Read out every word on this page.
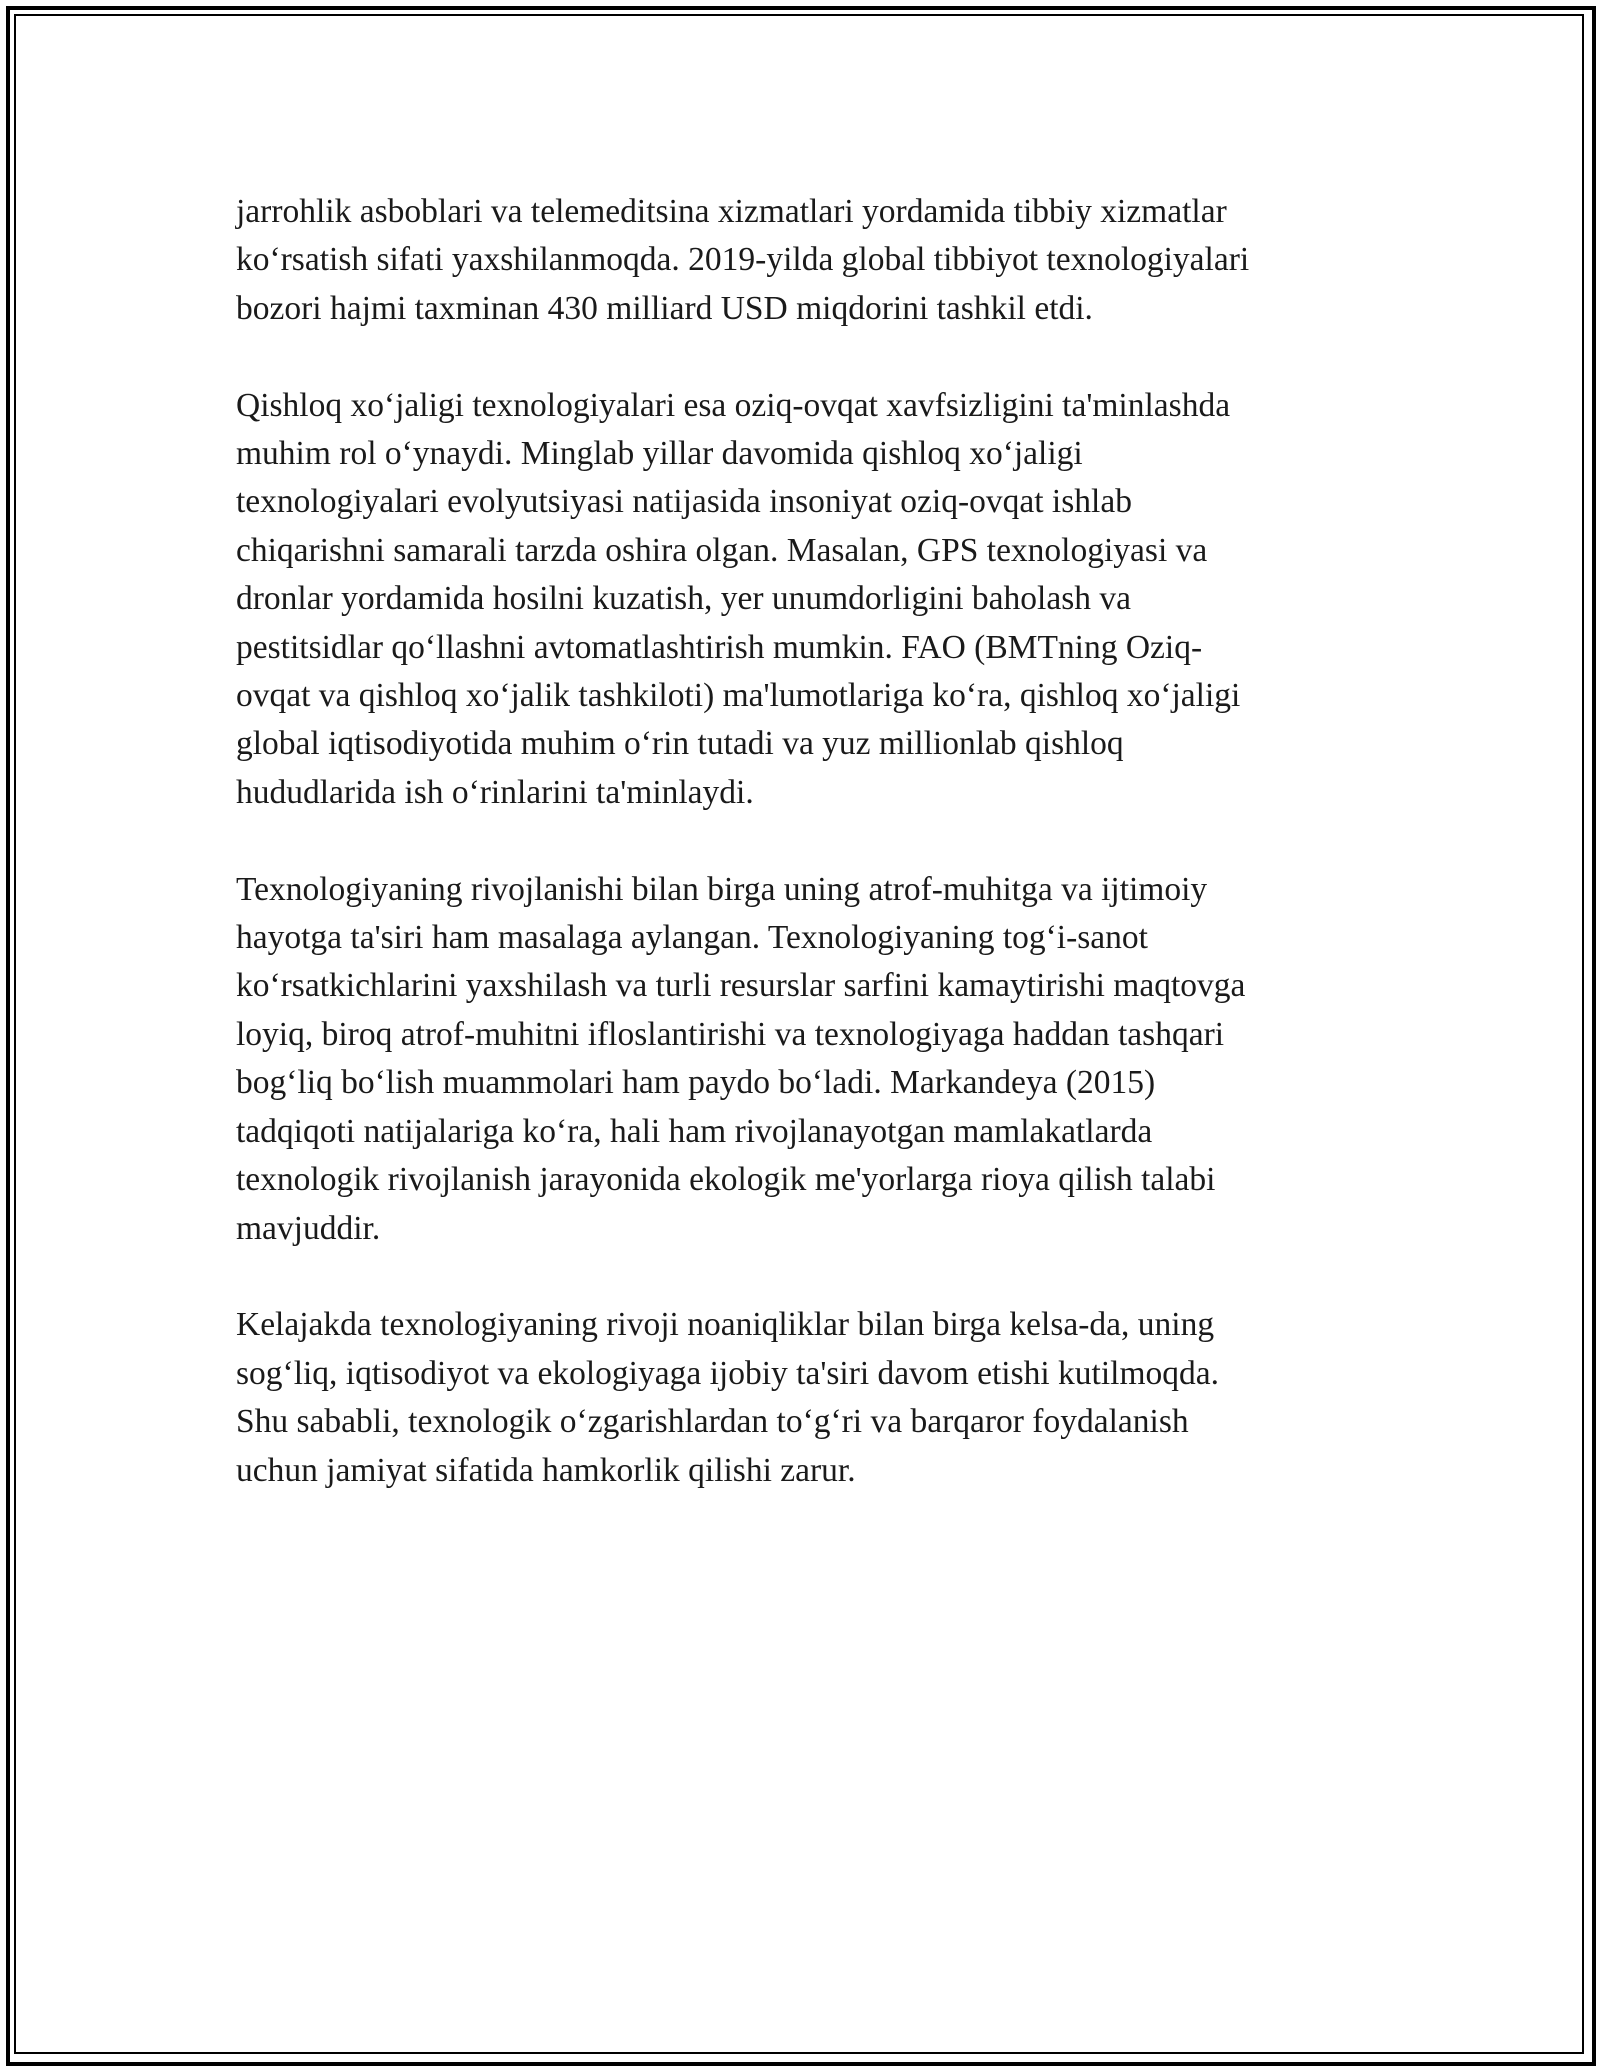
jarrohlik asboblari va telemeditsina xizmatlari yordamida tibbiy xizmatlar
koʻrsatish sifati yaxshilanmoqda. 2019-yilda global tibbiyot texnologiyalari
bozori hajmi taxminan 430 milliard USD miqdorini tashkil etdi.

Qishloq xoʻjaligi texnologiyalari esa oziq-ovqat xavfsizligini ta'minlashda
muhim rol oʻynaydi. Minglab yillar davomida qishloq xoʻjaligi
texnologiyalari evolyutsiyasi natijasida insoniyat oziq-ovqat ishlab
chiqarishni samarali tarzda oshira olgan. Masalan, GPS texnologiyasi va
dronlar yordamida hosilni kuzatish, yer unumdorligini baholash va
pestitsidlar qoʻllashni avtomatlashtirish mumkin. FAO (BMTning Oziq-
ovqat va qishloq xoʻjalik tashkiloti) ma'lumotlariga koʻra, qishloq xoʻjaligi
global iqtisodiyotida muhim oʻrin tutadi va yuz millionlab qishloq
hududlarida ish oʻrinlarini ta'minlaydi.

Texnologiyaning rivojlanishi bilan birga uning atrof-muhitga va ijtimoiy
hayotga ta'siri ham masalaga aylangan. Texnologiyaning togʻi-sanot
koʻrsatkichlarini yaxshilash va turli resurslar sarfini kamaytirishi maqtovga
loyiq, biroq atrof-muhitni ifloslantirishi va texnologiyaga haddan tashqari
bogʻliq boʻlish muammolari ham paydo boʻladi. Markandeya (2015)
tadqiqoti natijalariga koʻra, hali ham rivojlanayotgan mamlakatlarda
texnologik rivojlanish jarayonida ekologik me'yorlarga rioya qilish talabi
mavjuddir.

Kelajakda texnologiyaning rivoji noaniqliklar bilan birga kelsa-da, uning
sogʻliq, iqtisodiyot va ekologiyaga ijobiy ta'siri davom etishi kutilmoqda.
Shu sababli, texnologik oʻzgarishlardan toʻgʻri va barqaror foydalanish
uchun jamiyat sifatida hamkorlik qilishi zarur.
